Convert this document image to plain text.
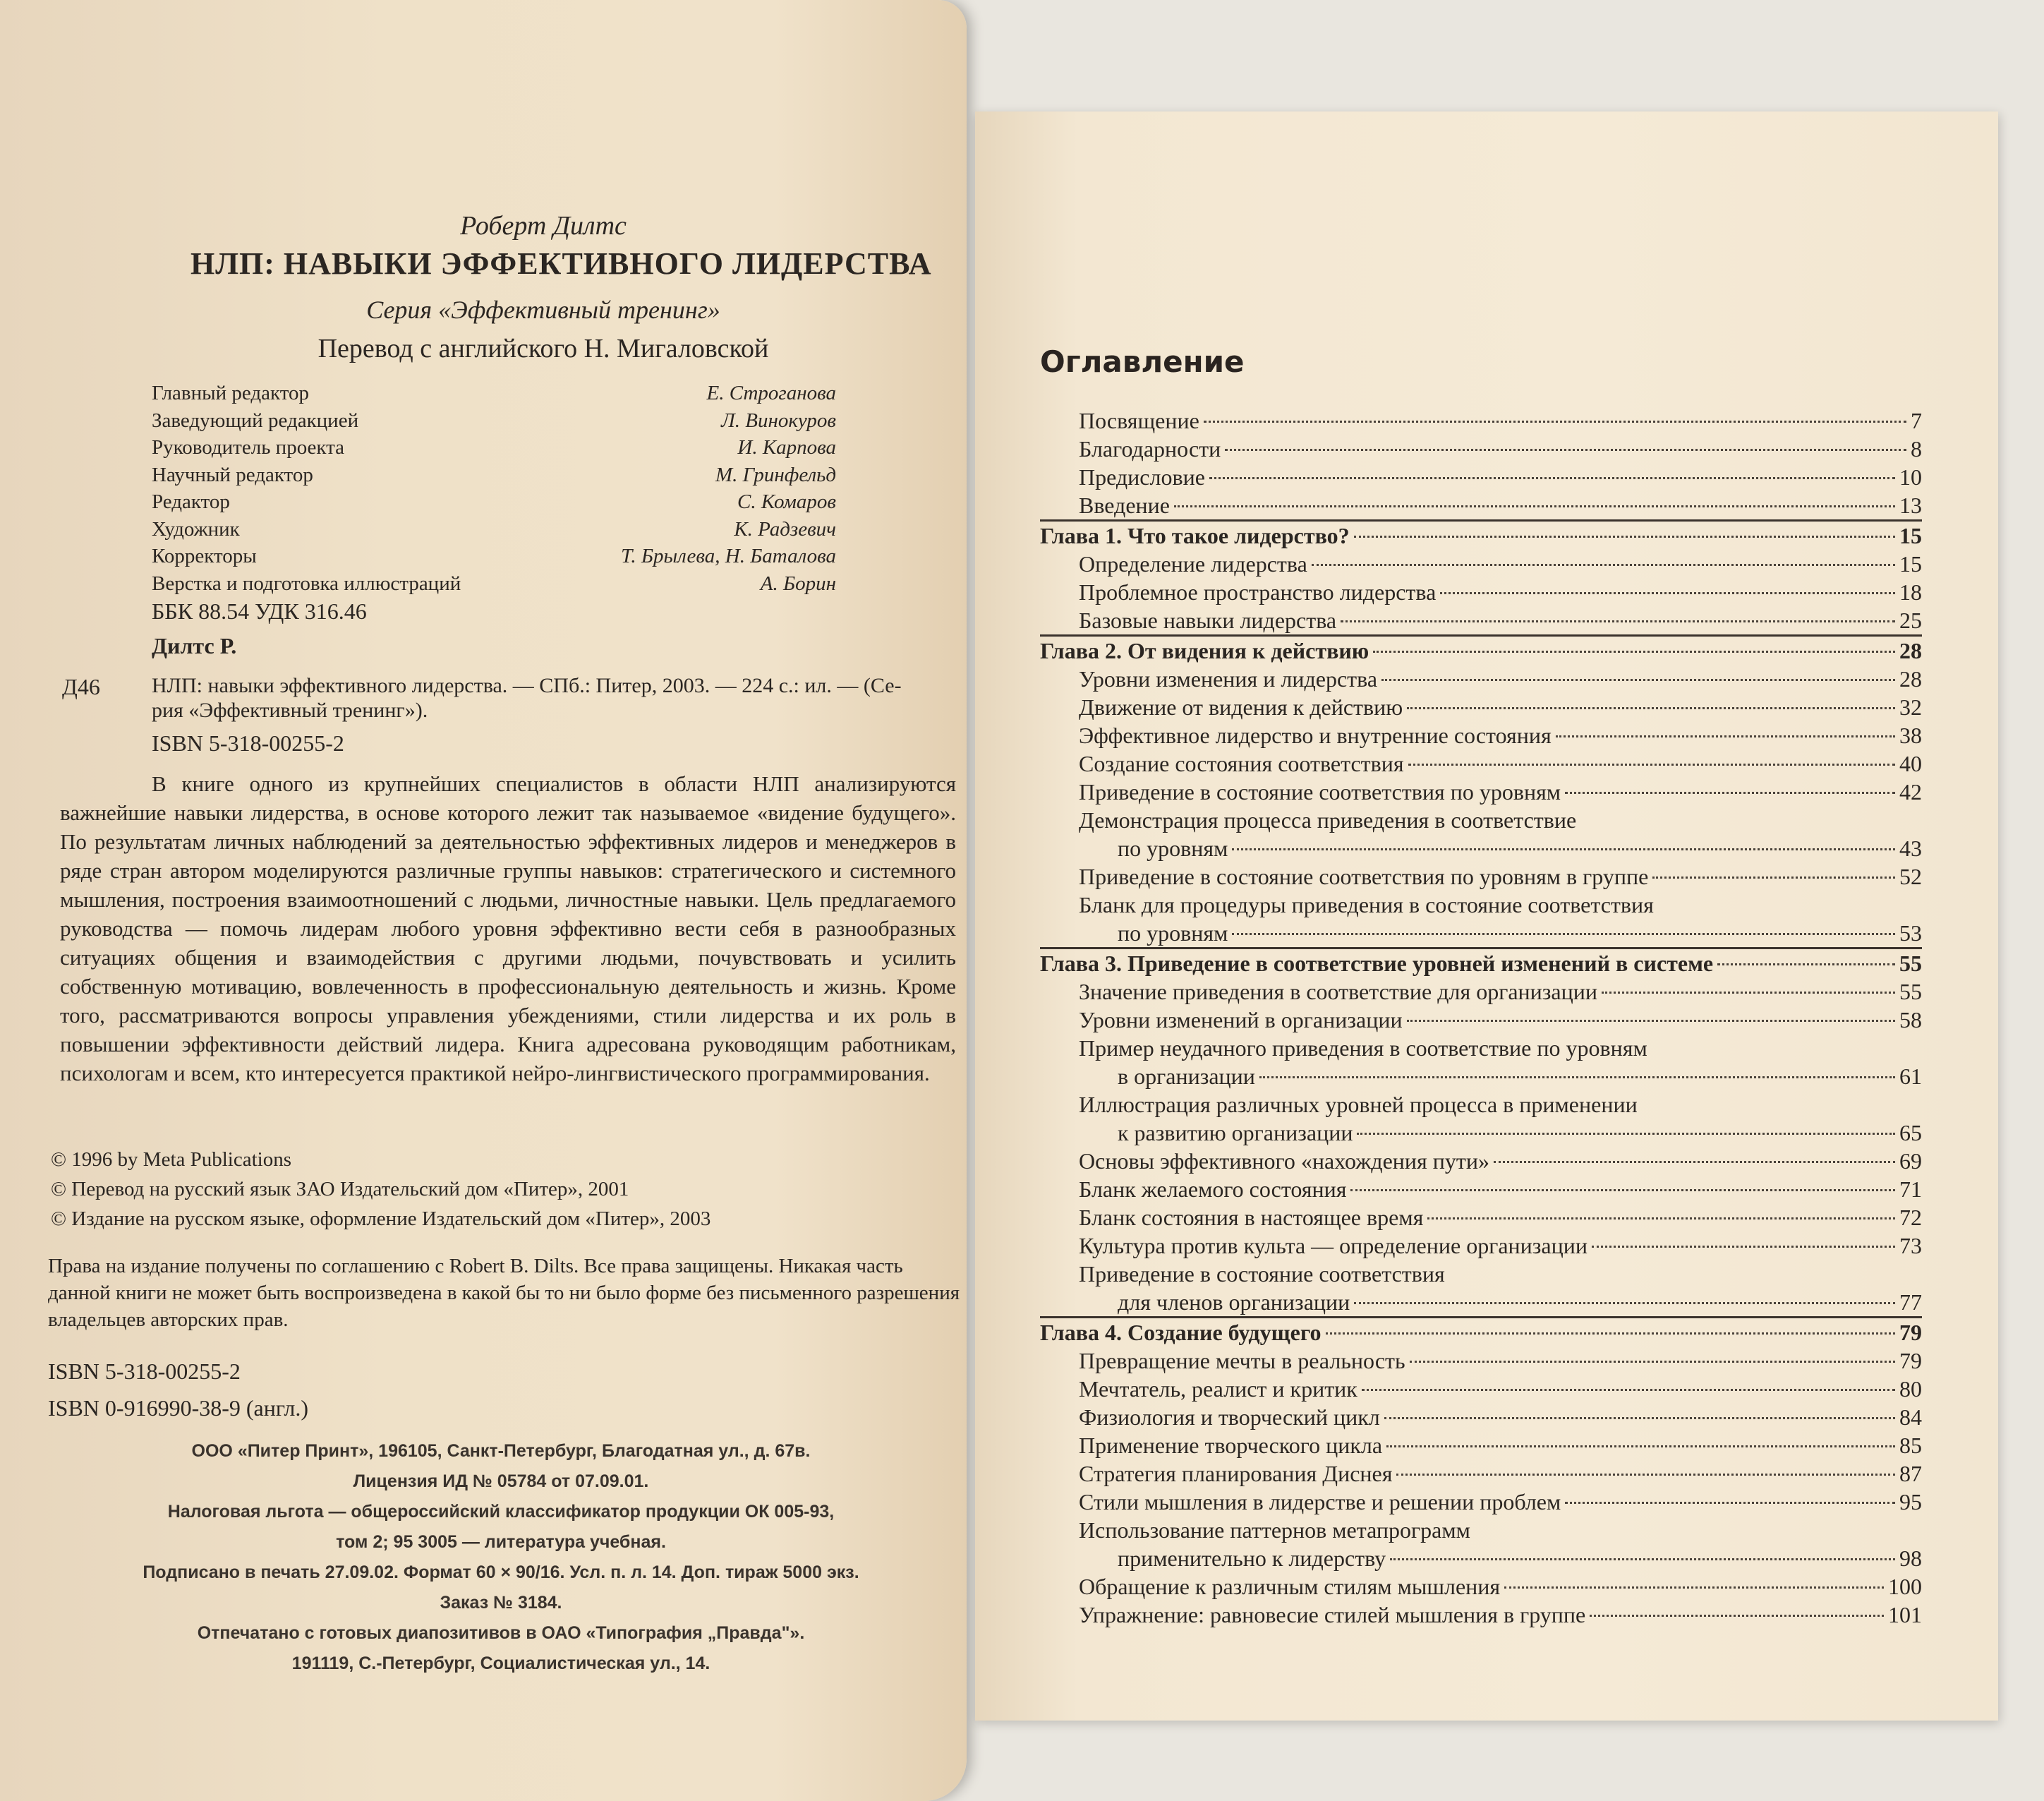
Роберт Дилтс
НЛП: НАВЫКИ ЭФФЕКТИВНОГО ЛИДЕРСТВА
Серия «Эффективный тренинг»
Перевод с английского Н. Мигаловской
Главный редактор	Е. Строганова
Заведующий редакцией	Л. Винокуров
Руководитель проекта	И. Карпова
Научный редактор	М. Гринфельд
Редактор	С. Комаров
Художник	К. Радзевич
Корректоры	Т. Брылева, Н. Баталова
Верстка и подготовка иллюстраций	А. Борин
ББК 88.54 УДК 316.46
Дилтс Р.
Д46 НЛП: навыки эффективного лидерства. — СПб.: Питер, 2003. — 224 с.: ил. — (Се-
рия «Эффективный тренинг»).
ISBN 5-318-00255-2
В книге одного из крупнейших специалистов в области НЛП анализируются важнейшие навыки лидерства, в основе которого лежит так называемое «видение будущего». По результатам личных наблюдений за деятельностью эффективных лидеров и менеджеров в ряде стран автором моделируются различные группы навыков: стратегического и системного мышления, построения взаимоотношений с людьми, личностные навыки. Цель предлагаемого руководства — помочь лидерам любого уровня эффективно вести себя в разнообразных ситуациях общения и взаимодействия с другими людьми, почувствовать и усилить собственную мотивацию, вовлеченность в профессиональную деятельность и жизнь. Кроме того, рассматриваются вопросы управления убеждениями, стили лидерства и их роль в повышении эффективности действий лидера. Книга адресована руководящим работникам, психологам и всем, кто интересуется практикой нейро-лингвистического программирования.
© 1996 by Meta Publications
© Перевод на русский язык ЗАО Издательский дом «Питер», 2001
© Издание на русском языке, оформление Издательский дом «Питер», 2003
Права на издание получены по соглашению с Robert B. Dilts. Все права защищены. Никакая часть данной книги не может быть воспроизведена в какой бы то ни было форме без письменного разрешения владельцев авторских прав.
ISBN 5-318-00255-2
ISBN 0-916990-38-9 (англ.)
ООО «Питер Принт», 196105, Санкт-Петербург, Благодатная ул., д. 67в.
Лицензия ИД № 05784 от 07.09.01.
Налоговая льгота — общероссийский классификатор продукции ОК 005-93,
том 2; 95 3005 — литература учебная.
Подписано в печать 27.09.02. Формат 60 × 90/16. Усл. п. л. 14. Доп. тираж 5000 экз.
Заказ № 3184.
Отпечатано с готовых диапозитивов в ОАО «Типография „Правда"».
191119, С.-Петербург, Социалистическая ул., 14.
Оглавление
Посвящение	7
Благодарности	8
Предисловие	10
Введение	13
Глава 1. Что такое лидерство?	15
Определение лидерства	15
Проблемное пространство лидерства	18
Базовые навыки лидерства	25
Глава 2. От видения к действию	28
Уровни изменения и лидерства	28
Движение от видения к действию	32
Эффективное лидерство и внутренние состояния	38
Создание состояния соответствия	40
Приведение в состояние соответствия по уровням	42
Демонстрация процесса приведения в соответствие
по уровням	43
Приведение в состояние соответствия по уровням в группе	52
Бланк для процедуры приведения в состояние соответствия
по уровням	53
Глава 3. Приведение в соответствие уровней изменений в системе	55
Значение приведения в соответствие для организации	55
Уровни изменений в организации	58
Пример неудачного приведения в соответствие по уровням
в организации	61
Иллюстрация различных уровней процесса в применении
к развитию организации	65
Основы эффективного «нахождения пути»	69
Бланк желаемого состояния	71
Бланк состояния в настоящее время	72
Культура против культа — определение организации	73
Приведение в состояние соответствия
для членов организации	77
Глава 4. Создание будущего	79
Превращение мечты в реальность	79
Мечтатель, реалист и критик	80
Физиология и творческий цикл	84
Применение творческого цикла	85
Стратегия планирования Диснея	87
Стили мышления в лидерстве и решении проблем	95
Использование паттернов метапрограмм
применительно к лидерству	98
Обращение к различным стилям мышления	100
Упражнение: равновесие стилей мышления в группе	101
